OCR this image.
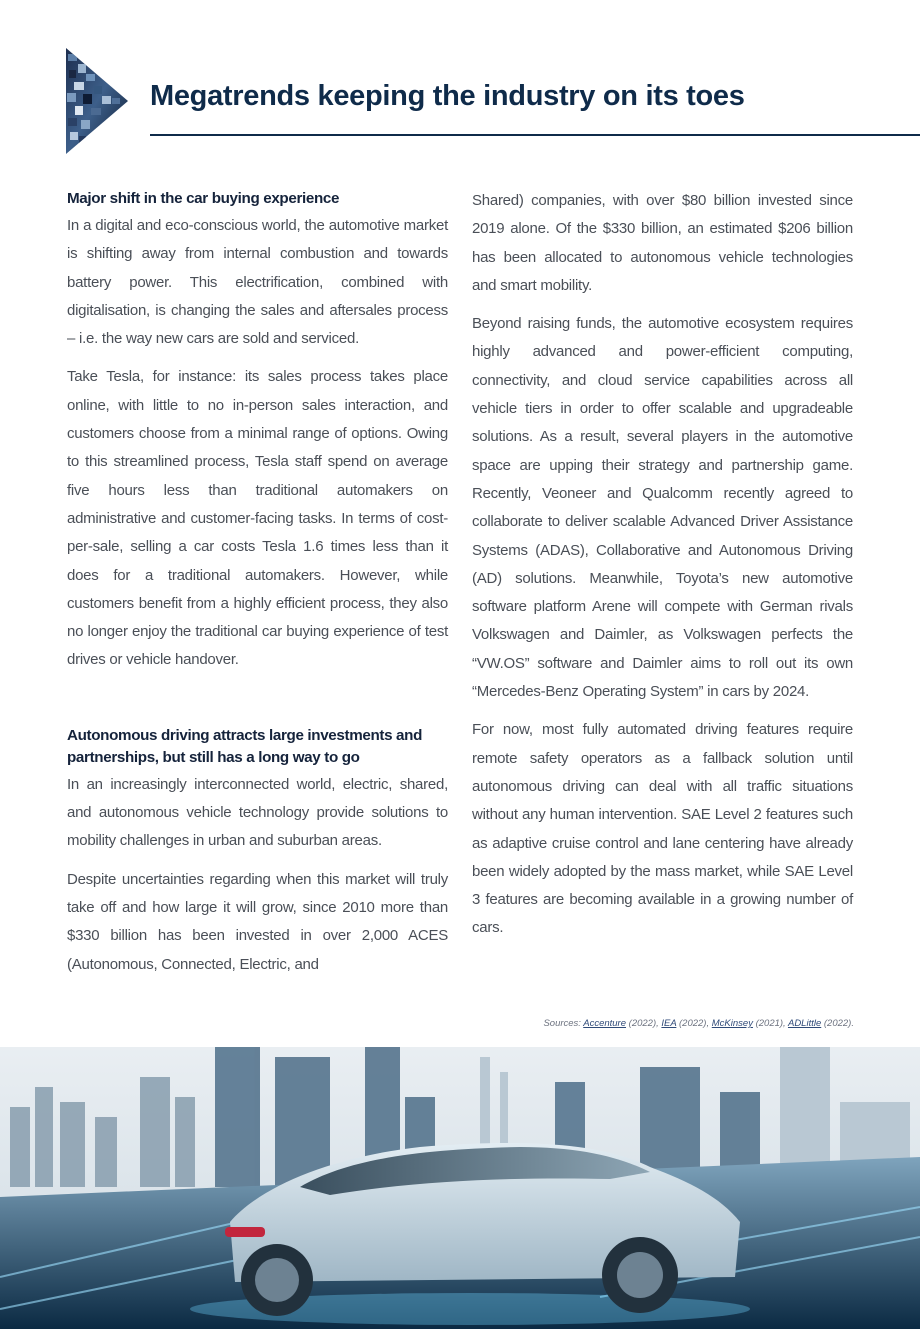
Megatrends keeping the industry on its toes
Major shift in the car buying experience

In a digital and eco-conscious world, the automotive market is shifting away from internal combustion and towards battery power. This electrification, combined with digitalisation, is changing the sales and aftersales process – i.e. the way new cars are sold and serviced.

Take Tesla, for instance: its sales process takes place online, with little to no in-person sales interaction, and customers choose from a minimal range of options. Owing to this streamlined process, Tesla staff spend on average five hours less than traditional automakers on administrative and customer-facing tasks. In terms of cost-per-sale, selling a car costs Tesla 1.6 times less than it does for a traditional automakers. However, while customers benefit from a highly efficient process, they also no longer enjoy the traditional car buying experience of test drives or vehicle handover.

Autonomous driving attracts large investments and partnerships, but still has a long way to go

In an increasingly interconnected world, electric, shared, and autonomous vehicle technology provide solutions to mobility challenges in urban and suburban areas.

Despite uncertainties regarding when this market will truly take off and how large it will grow, since 2010 more than $330 billion has been invested in over 2,000 ACES (Autonomous, Connected, Electric, and

Shared) companies, with over $80 billion invested since 2019 alone. Of the $330 billion, an estimated $206 billion has been allocated to autonomous vehicle technologies and smart mobility.

Beyond raising funds, the automotive ecosystem requires highly advanced and power-efficient computing, connectivity, and cloud service capabilities across all vehicle tiers in order to offer scalable and upgradeable solutions. As a result, several players in the automotive space are upping their strategy and partnership game. Recently, Veoneer and Qualcomm recently agreed to collaborate to deliver scalable Advanced Driver Assistance Systems (ADAS), Collaborative and Autonomous Driving (AD) solutions. Meanwhile, Toyota’s new automotive software platform Arene will compete with German rivals Volkswagen and Daimler, as Volkswagen perfects the “VW.OS” software and Daimler aims to roll out its own “Mercedes-Benz Operating System” in cars by 2024.

For now, most fully automated driving features require remote safety operators as a fallback solution until autonomous driving can deal with all traffic situations without any human intervention. SAE Level 2 features such as adaptive cruise control and lane centering have already been widely adopted by the mass market, while SAE Level 3 features are becoming available in a growing number of cars.

Sources: Accenture (2022), IEA (2022), McKinsey (2021), ADLittle (2022).
